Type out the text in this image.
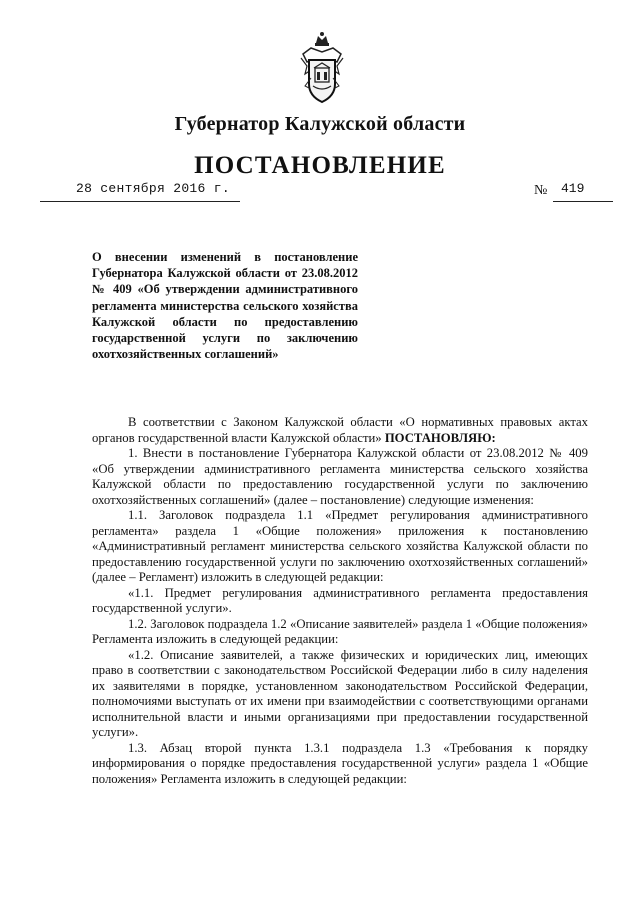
Губернатор Калужской области
ПОСТАНОВЛЕНИЕ
28 сентября 2016 г.	№ 419
О внесении изменений в постановление Губернатора Калужской области от 23.08.2012 № 409 «Об утверждении административного регламента министерства сельского хозяйства Калужской области по предоставлению государственной услуги по заключению охотхозяйственных соглашений»

В соответствии с Законом Калужской области «О нормативных правовых актах органов государственной власти Калужской области» ПОСТАНОВЛЯЮ:

1. Внести в постановление Губернатора Калужской области от 23.08.2012 № 409 «Об утверждении административного регламента министерства сельского хозяйства Калужской области по предоставлению государственной услуги по заключению охотхозяйственных соглашений» (далее – постановление) следующие изменения:

1.1. Заголовок подраздела 1.1 «Предмет регулирования административного регламента» раздела 1 «Общие положения» приложения к постановлению «Административный регламент министерства сельского хозяйства Калужской области по предоставлению государственной услуги по заключению охотхозяйственных соглашений» (далее – Регламент) изложить в следующей редакции:

«1.1. Предмет регулирования административного регламента предоставления государственной услуги».

1.2. Заголовок подраздела 1.2 «Описание заявителей» раздела 1 «Общие положения» Регламента изложить в следующей редакции:

«1.2. Описание заявителей, а также физических и юридических лиц, имеющих право в соответствии с законодательством Российской Федерации либо в силу наделения их заявителями в порядке, установленном законодательством Российской Федерации, полномочиями выступать от их имени при взаимодействии с соответствующими органами исполнительной власти и иными организациями при предоставлении государственной услуги».

1.3. Абзац второй пункта 1.3.1 подраздела 1.3 «Требования к порядку информирования о порядке предоставления государственной услуги» раздела 1 «Общие положения» Регламента изложить в следующей редакции:
